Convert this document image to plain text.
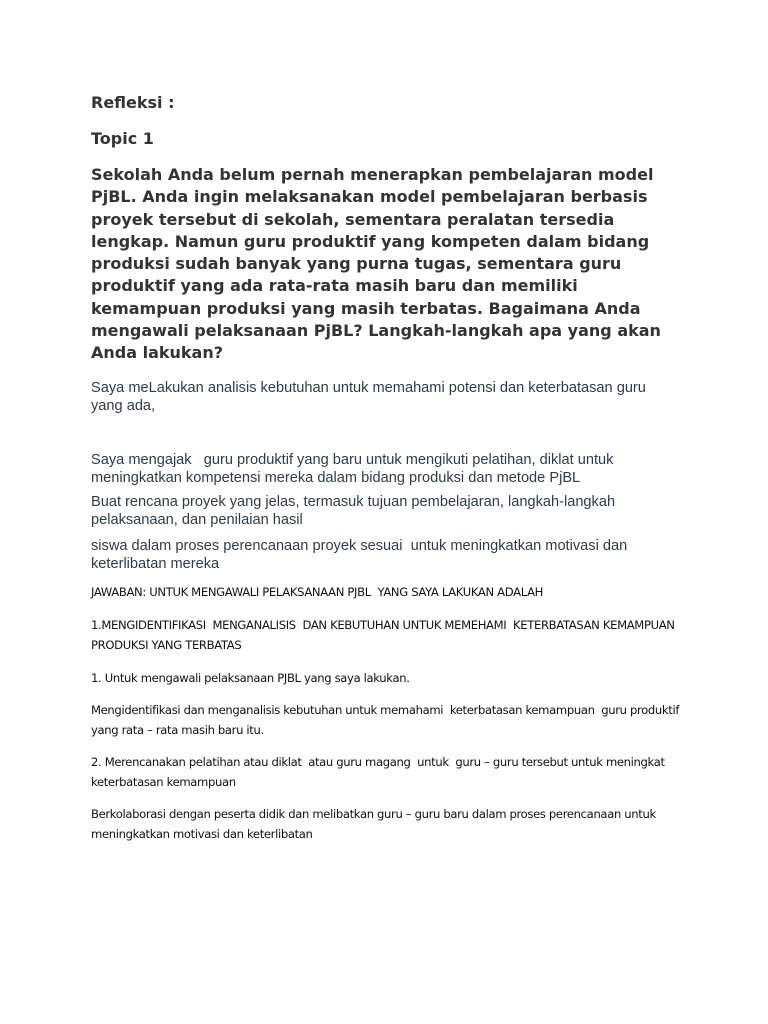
Refleksi :

Topic 1

Sekolah Anda belum pernah menerapkan pembelajaran model PjBL. Anda ingin melaksanakan model pembelajaran berbasis proyek tersebut di sekolah, sementara peralatan tersedia lengkap. Namun guru produktif yang kompeten dalam bidang produksi sudah banyak yang purna tugas, sementara guru produktif yang ada rata-rata masih baru dan memiliki kemampuan produksi yang masih terbatas. Bagaimana Anda mengawali pelaksanaan PjBL? Langkah-langkah apa yang akan Anda lakukan?

Saya meLakukan analisis kebutuhan untuk memahami potensi dan keterbatasan guru yang ada,

Saya mengajak   guru produktif yang baru untuk mengikuti pelatihan, diklat untuk meningkatkan kompetensi mereka dalam bidang produksi dan metode PjBL

Buat rencana proyek yang jelas, termasuk tujuan pembelajaran, langkah-langkah pelaksanaan, dan penilaian hasil

siswa dalam proses perencanaan proyek sesuai  untuk meningkatkan motivasi dan keterlibatan mereka

JAWABAN: UNTUK MENGAWALI PELAKSANAAN PJBL  YANG SAYA LAKUKAN ADALAH

1.MENGIDENTIFIKASI  MENGANALISIS  DAN KEBUTUHAN UNTUK MEMEHAMI  KETERBATASAN KEMAMPUAN PRODUKSI YANG TERBATAS

1. Untuk mengawali pelaksanaan PJBL yang saya lakukan.

Mengidentifikasi dan menganalisis kebutuhan untuk memahami  keterbatasan kemampuan  guru produktif yang rata – rata masih baru itu.

2. Merencanakan pelatihan atau diklat  atau guru magang  untuk  guru – guru tersebut untuk meningkat keterbatasan kemampuan

Berkolaborasi dengan peserta didik dan melibatkan guru – guru baru dalam proses perencanaan untuk meningkatkan motivasi dan keterlibatan
